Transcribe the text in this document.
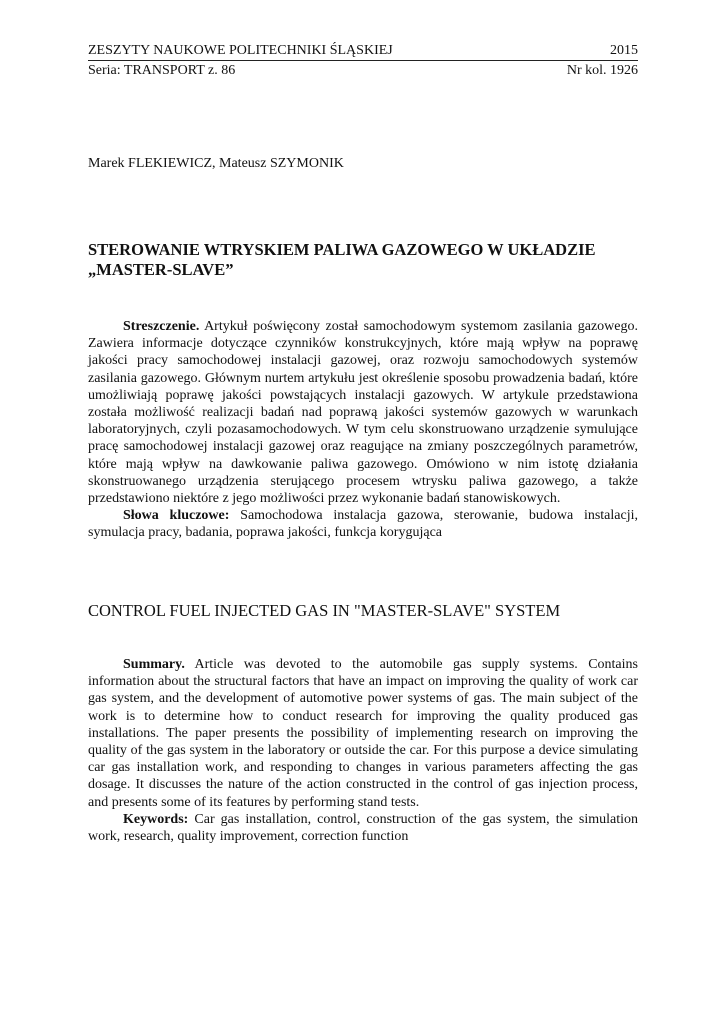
ZESZYTY NAUKOWE POLITECHNIKI ŚLĄSKIEJ	2015
Seria: TRANSPORT z. 86	Nr kol. 1926
Marek FLEKIEWICZ, Mateusz SZYMONIK
STEROWANIE WTRYSKIEM PALIWA GAZOWEGO W UKŁADZIE
„MASTER-SLAVE”

Streszczenie. Artykuł poświęcony został samochodowym systemom zasilania gazowego. Zawiera informacje dotyczące czynników konstrukcyjnych, które mają wpływ na poprawę jakości pracy samochodowej instalacji gazowej, oraz rozwoju samochodowych systemów zasilania gazowego. Głównym nurtem artykułu jest określenie sposobu prowadzenia badań, które umożliwiają poprawę jakości powstających instalacji gazowych. W artykule przedstawiona została możliwość realizacji badań nad poprawą jakości systemów gazowych w warunkach laboratoryjnych, czyli pozasamochodowych. W tym celu skonstruowano urządzenie symulujące pracę samochodowej instalacji gazowej oraz reagujące na zmiany poszczególnych parametrów, które mają wpływ na dawkowanie paliwa gazowego. Omówiono w nim istotę działania skonstruowanego urządzenia sterującego procesem wtrysku paliwa gazowego, a także przedstawiono niektóre z jego możliwości przez wykonanie badań stanowiskowych.

Słowa kluczowe: Samochodowa instalacja gazowa, sterowanie, budowa instalacji, symulacja pracy, badania, poprawa jakości, funkcja korygująca

CONTROL FUEL INJECTED GAS IN "MASTER-SLAVE" SYSTEM

Summary. Article was devoted to the automobile gas supply systems. Contains information about the structural factors that have an impact on improving the quality of work car gas system, and the development of automotive power systems of gas. The main subject of the work is to determine how to conduct research for improving the quality produced gas installations. The paper presents the possibility of implementing research on improving the quality of the gas system in the laboratory or outside the car. For this purpose a device simulating car gas installation work, and responding to changes in various parameters affecting the gas dosage. It discusses the nature of the action constructed in the control of gas injection process, and presents some of its features by performing stand tests.

Keywords: Car gas installation, control, construction of the gas system, the simulation work, research, quality improvement, correction function
